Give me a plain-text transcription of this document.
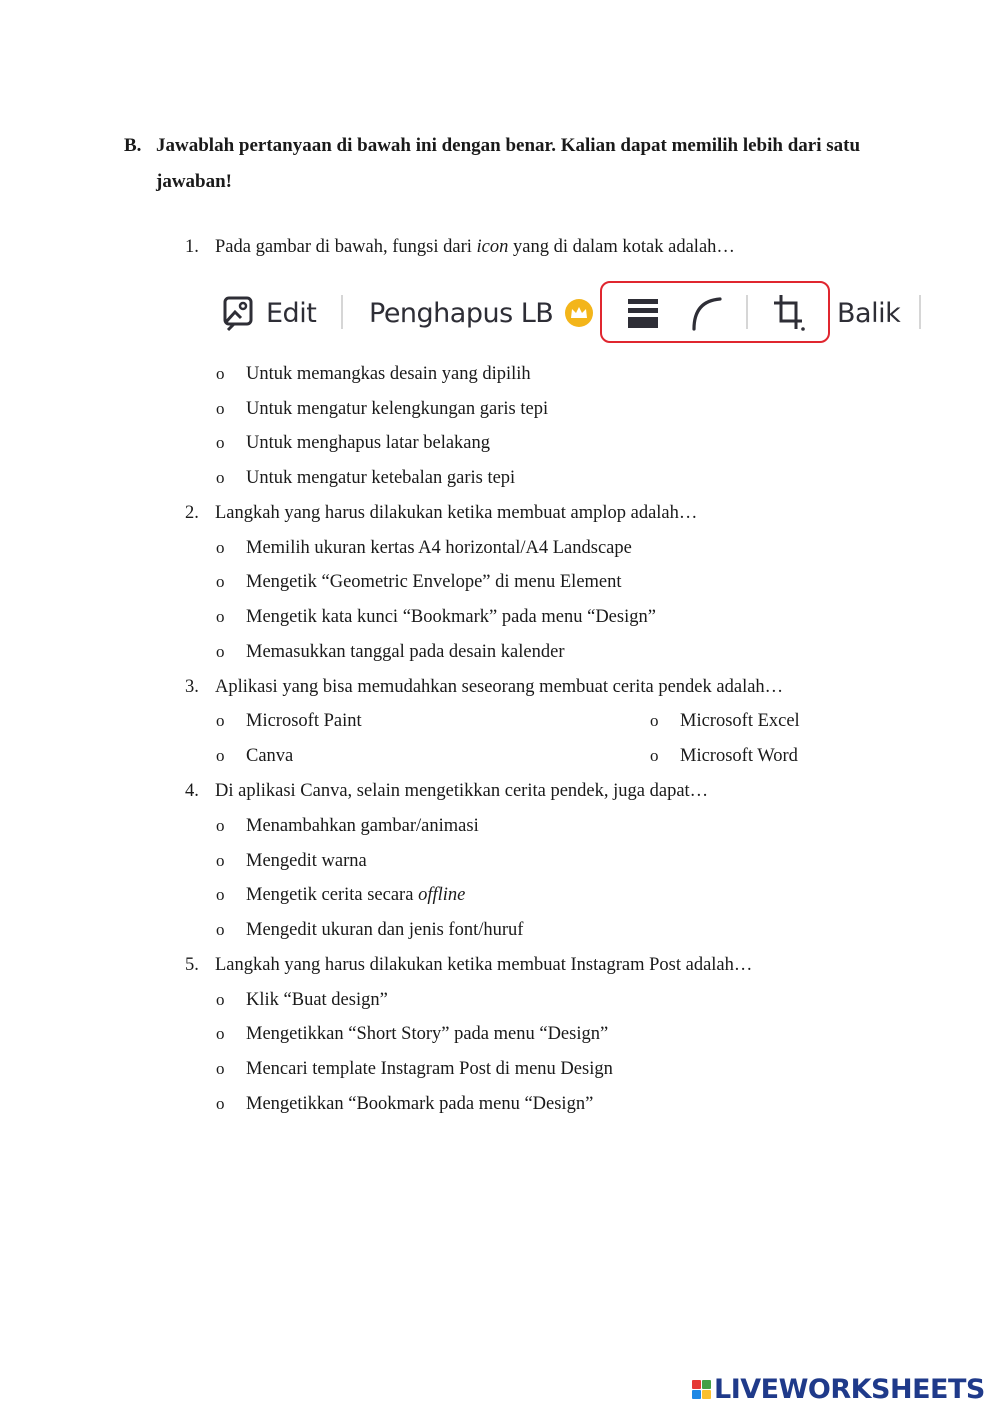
B. Jawablah pertanyaan di bawah ini dengan benar. Kalian dapat memilih lebih dari satu jawaban!
1. Pada gambar di bawah, fungsi dari icon yang di dalam kotak adalah…
Edit Penghapus LB	Balik
o Untuk memangkas desain yang dipilih
o Untuk mengatur kelengkungan garis tepi
o Untuk menghapus latar belakang
o Untuk mengatur ketebalan garis tepi
2. Langkah yang harus dilakukan ketika membuat amplop adalah…
o Memilih ukuran kertas A4 horizontal/A4 Landscape
o Mengetik “Geometric Envelope” di menu Element
o Mengetik kata kunci “Bookmark” pada menu “Design”
o Memasukkan tanggal pada desain kalender
3. Aplikasi yang bisa memudahkan seseorang membuat cerita pendek adalah…
o Microsoft Paint	o Microsoft Excel
o Canva	o Microsoft Word
4. Di aplikasi Canva, selain mengetikkan cerita pendek, juga dapat…
o Menambahkan gambar/animasi
o Mengedit warna
o Mengetik cerita secara offline
o Mengedit ukuran dan jenis font/huruf
5. Langkah yang harus dilakukan ketika membuat Instagram Post adalah…
o Klik “Buat design”
o Mengetikkan “Short Story” pada menu “Design”
o Mencari template Instagram Post di menu Design
o Mengetikkan “Bookmark pada menu “Design”
LIVEWORKSHEETS
